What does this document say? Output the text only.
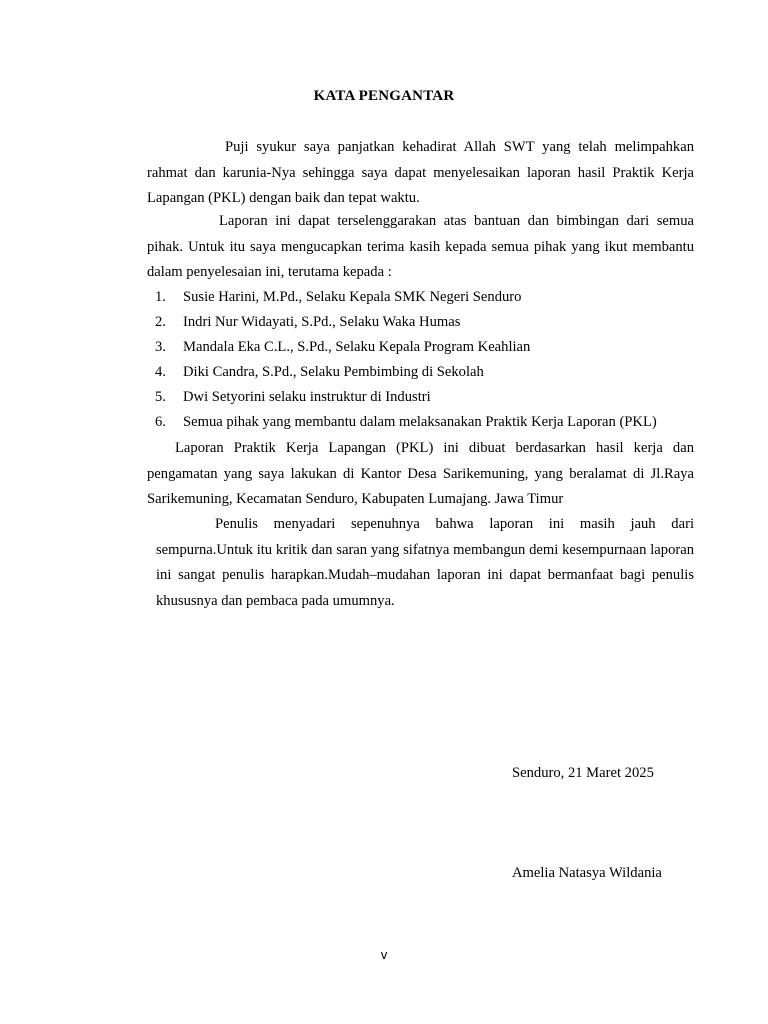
KATA PENGANTAR

Puji syukur saya panjatkan kehadirat Allah SWT yang telah melimpahkan rahmat dan karunia-Nya sehingga saya dapat menyelesaikan laporan hasil Praktik Kerja Lapangan (PKL) dengan baik dan tepat waktu.

Laporan ini dapat terselenggarakan atas bantuan dan bimbingan dari semua pihak. Untuk itu saya mengucapkan terima kasih kepada semua pihak yang ikut membantu dalam penyelesaian ini, terutama kepada :

1. Susie Harini, M.Pd., Selaku Kepala SMK Negeri Senduro
2. Indri Nur Widayati, S.Pd., Selaku Waka Humas
3. Mandala Eka C.L., S.Pd., Selaku Kepala Program Keahlian
4. Diki Candra, S.Pd., Selaku Pembimbing di Sekolah
5. Dwi Setyorini selaku instruktur di Industri
6. Semua pihak yang membantu dalam melaksanakan Praktik Kerja Laporan (PKL)

Laporan Praktik Kerja Lapangan (PKL) ini dibuat berdasarkan hasil kerja dan pengamatan yang saya lakukan di Kantor Desa Sarikemuning, yang beralamat di Jl.Raya Sarikemuning, Kecamatan Senduro, Kabupaten Lumajang. Jawa Timur

Penulis menyadari sepenuhnya bahwa laporan ini masih jauh dari sempurna.Untuk itu kritik dan saran yang sifatnya membangun demi kesempurnaan laporan ini sangat penulis harapkan.Mudah–mudahan laporan ini dapat bermanfaat bagi penulis khususnya dan pembaca pada umumnya.

Senduro, 21 Maret 2025
Amelia Natasya Wildania
v
